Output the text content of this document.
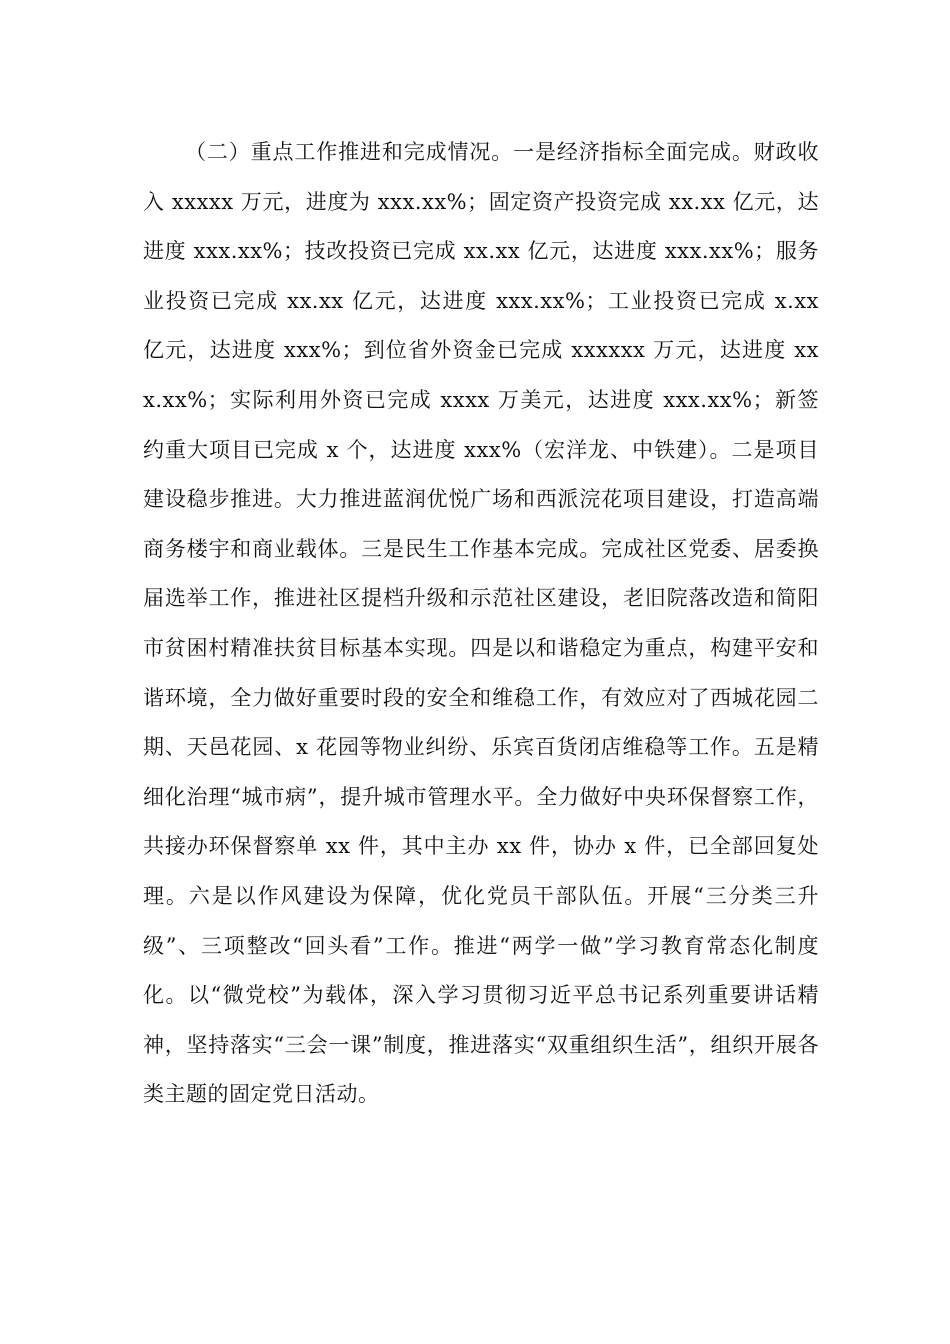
（二）重点工作推进和完成情况。一是经济指标全面完成。财政收入 xxxxx 万元，进度为 xxx.xx%；固定资产投资完成 xx.xx 亿元，达进度 xxx.xx%；技改投资已完成 xx.xx 亿元，达进度 xxx.xx%；服务业投资已完成 xx.xx 亿元，达进度 xxx.xx%；工业投资已完成 x.xx 亿元，达进度 xxx%；到位省外资金已完成 xxxxxx 万元，达进度 xxx.xx%；实际利用外资已完成 xxxx 万美元，达进度 xxx.xx%；新签约重大项目已完成 x 个，达进度 xxx%（宏洋龙、中铁建）。二是项目建设稳步推进。大力推进蓝润优悦广场和西派浣花项目建设，打造高端商务楼宇和商业载体。三是民生工作基本完成。完成社区党委、居委换届选举工作，推进社区提档升级和示范社区建设，老旧院落改造和简阳市贫困村精准扶贫目标基本实现。四是以和谐稳定为重点，构建平安和谐环境，全力做好重要时段的安全和维稳工作，有效应对了西城花园二期、天邑花园、x 花园等物业纠纷、乐宾百货闭店维稳等工作。五是精细化治理“城市病”，提升城市管理水平。全力做好中央环保督察工作，共接办环保督察单 xx 件，其中主办 xx 件，协办 x 件，已全部回复处理。六是以作风建设为保障，优化党员干部队伍。开展“三分类三升级”、三项整改“回头看”工作。推进“两学一做”学习教育常态化制度化。以“微党校”为载体，深入学习贯彻习近平总书记系列重要讲话精神，坚持落实“三会一课”制度，推进落实“双重组织生活”，组织开展各类主题的固定党日活动。
